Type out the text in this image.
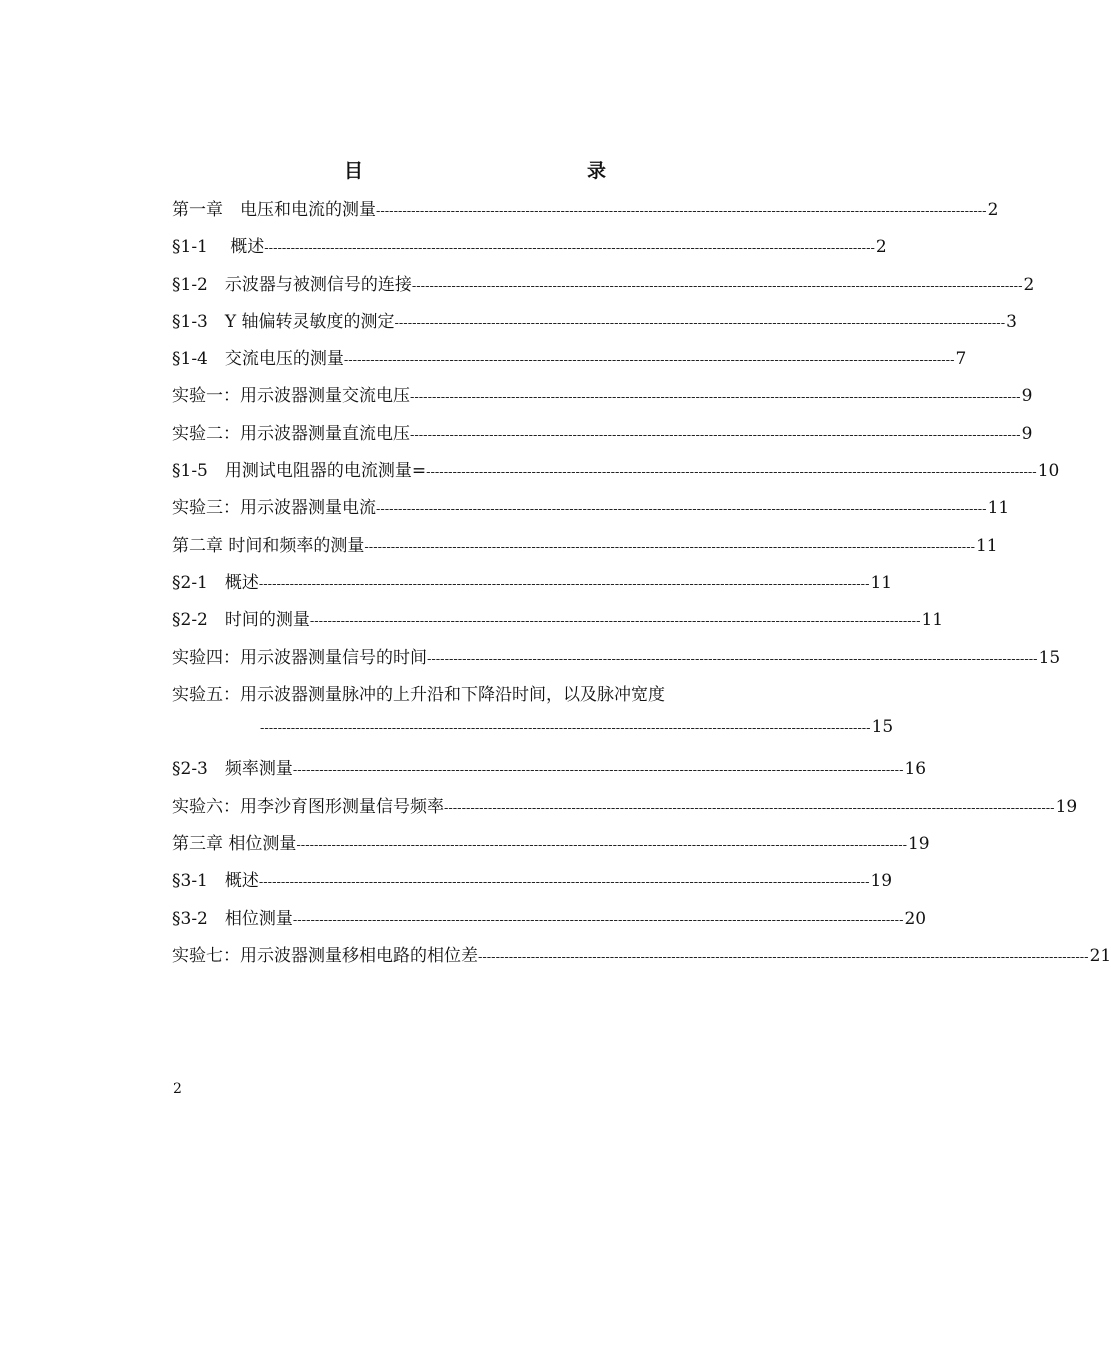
目　　录
第一章　电压和电流的测量 ------------------------------------------------------------------------------------------------------------------------------------------- 2
§1-1　 概述 ------------------------------------------------------------------------------------------------------------------------------------------- 2
§1-2　示波器与被测信号的连接 ------------------------------------------------------------------------------------------------------------------------------------------- 2
§1-3　Y 轴偏转灵敏度的测定 ------------------------------------------------------------------------------------------------------------------------------------------- 3
§1-4　交流电压的测量 ------------------------------------------------------------------------------------------------------------------------------------------- 7
实验一：用示波器测量交流电压 ------------------------------------------------------------------------------------------------------------------------------------------- 9
实验二：用示波器测量直流电压 ------------------------------------------------------------------------------------------------------------------------------------------- 9
§1-5　用测试电阻器的电流测量= ------------------------------------------------------------------------------------------------------------------------------------------- 10
实验三：用示波器测量电流 ------------------------------------------------------------------------------------------------------------------------------------------- 11
第二章 时间和频率的测量 ------------------------------------------------------------------------------------------------------------------------------------------- 11
§2-1　概述 ------------------------------------------------------------------------------------------------------------------------------------------- 11
§2-2　时间的测量 ------------------------------------------------------------------------------------------------------------------------------------------- 11
实验四：用示波器测量信号的时间 ------------------------------------------------------------------------------------------------------------------------------------------- 15
实验五：用示波器测量脉冲的上升沿和下降沿时间，以及脉冲宽度
------------------------------------------------------------------------------------------------------------------------------------------- 15
§2-3　频率测量 ------------------------------------------------------------------------------------------------------------------------------------------- 16
实验六：用李沙育图形测量信号频率 ------------------------------------------------------------------------------------------------------------------------------------------- 19
第三章 相位测量 ------------------------------------------------------------------------------------------------------------------------------------------- 19
§3-1　概述 ------------------------------------------------------------------------------------------------------------------------------------------- 19
§3-2　相位测量 ------------------------------------------------------------------------------------------------------------------------------------------- 20
实验七：用示波器测量移相电路的相位差 ------------------------------------------------------------------------------------------------------------------------------------------- 21
2
